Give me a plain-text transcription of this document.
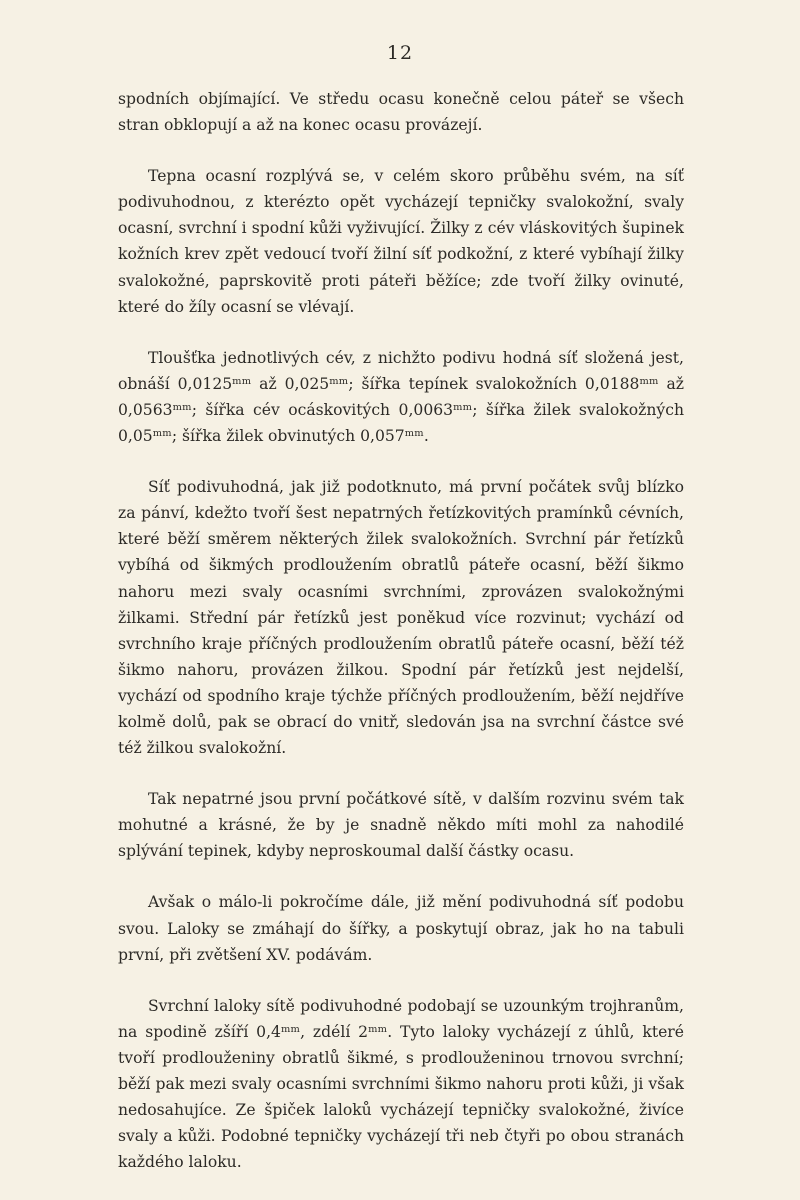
12

spodních objímající. Ve středu ocasu konečně celou páteř se všech stran obklopují a až na konec ocasu provázejí.

Tepna ocasní rozplývá se, v celém skoro průběhu svém, na síť podivuhodnou, z kterézto opět vycházejí tepničky svalokožní, svaly ocasní, svrchní i spodní kůži vyživující. Žilky z cév vláskovitých šupinek kožních krev zpět vedoucí tvoří žilní síť podkožní, z které vybíhají žilky svalokožné, paprskovitě proti páteři běžíce; zde tvoří žilky ovinuté, které do žíly ocasní se vlévají.

Tloušťka jednotlivých cév, z nichžto podivu hodná síť složená jest, obnáší 0,0125ᵐᵐ až 0,025ᵐᵐ; šířka tepínek svalokožních 0,0188ᵐᵐ až 0,0563ᵐᵐ; šířka cév ocáskovitých 0,0063ᵐᵐ; šířka žilek svalokožných 0,05ᵐᵐ; šířka žilek obvinutých 0,057ᵐᵐ.

Síť podivuhodná, jak již podotknuto, má první počátek svůj blízko za pánví, kdežto tvoří šest nepatrných řetízkovitých pramínků cévních, které běží směrem některých žilek svalokožních. Svrchní pár řetízků vybíhá od šikmých prodloužením obratlů páteře ocasní, běží šikmo nahoru mezi svaly ocasními svrchními, zprovázen svalokožnými žilkami. Střední pár řetízků jest poněkud více rozvinut; vychází od svrchního kraje příčných prodloužením obratlů páteře ocasní, běží též šikmo nahoru, provázen žilkou. Spodní pár řetízků jest nejdelší, vychází od spodního kraje týchže příčných prodloužením, běží nejdříve kolmě dolů, pak se obrací do vnitř, sledován jsa na svrchní částce své též žilkou svalokožní.

Tak nepatrné jsou první počátkové sítě, v dalším rozvinu svém tak mohutné a krásné, že by je snadně někdo míti mohl za nahodilé splývání tepinek, kdyby neproskoumal další částky ocasu.

Avšak o málo-li pokročíme dále, již mění podivuhodná síť podobu svou. Laloky se zmáhají do šířky, a poskytují obraz, jak ho na tabuli první, při zvětšení XV. podávám.

Svrchní laloky sítě podivuhodné podobají se uzounkým trojhranům, na spodině zšíří 0,4ᵐᵐ, zdélí 2ᵐᵐ. Tyto laloky vycházejí z úhlů, které tvoří prodlouženiny obratlů šikmé, s prodlouženinou trnovou svrchní; běží pak mezi svaly ocasními svrchními šikmo nahoru proti kůži, ji však nedosahujíce. Ze špiček laloků vycházejí tepničky svalokožné, živíce svaly a kůži. Podobné tepničky vycházejí tři neb čtyři po obou stranách každého laloku.
